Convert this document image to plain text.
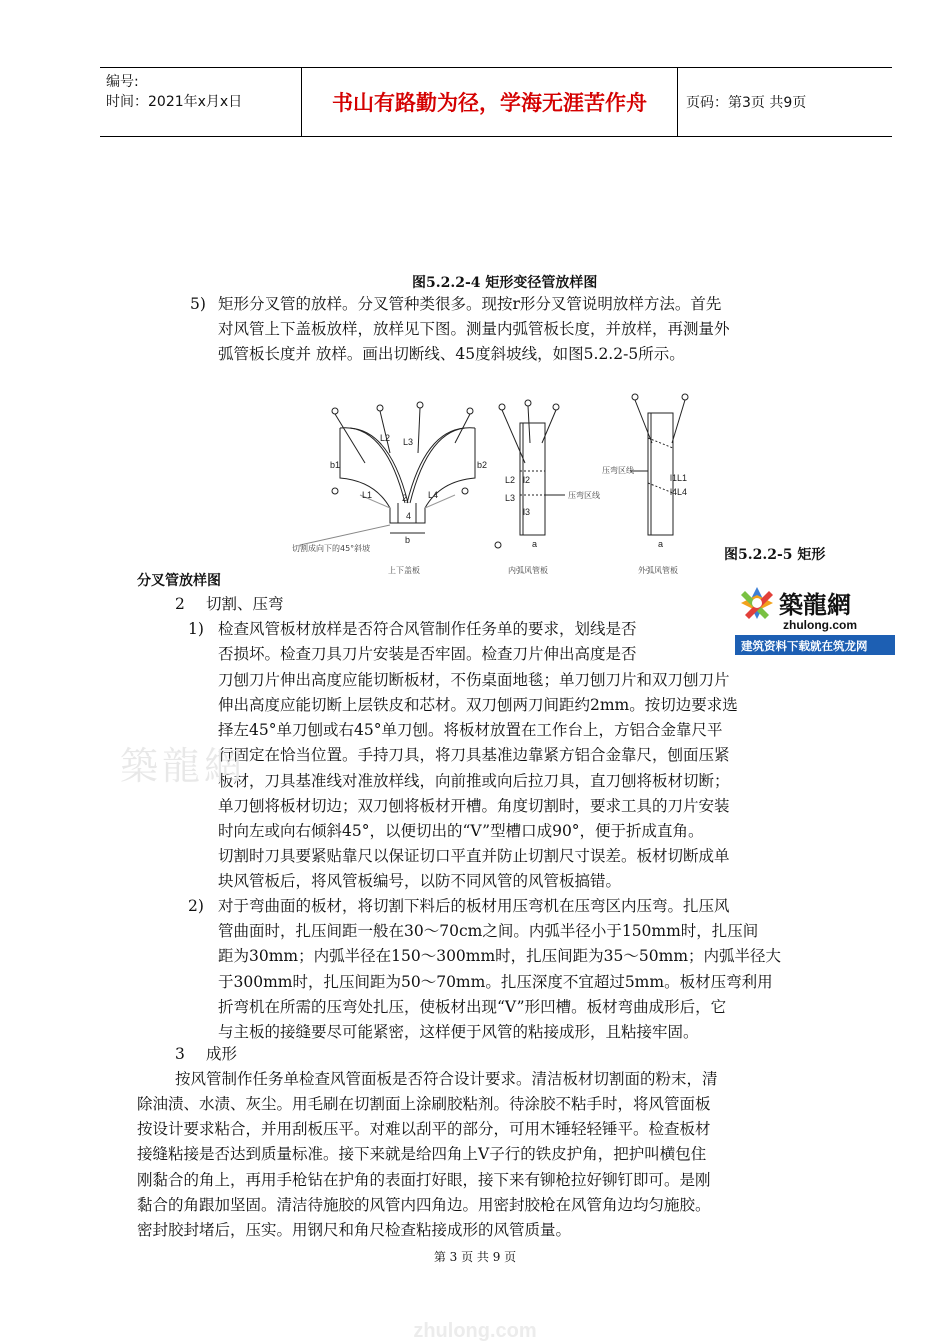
编号:
时间：2021年x月x日	书山有路勤为径，学海无涯苦作舟	页码：第3页 共9页
图5.2.2-4 矩形变径管放样图
5) 矩形分叉管的放样。分叉管种类很多。现按r形分叉管说明放样方法。首先
对风管上下盖板放样，放样见下图。测量内弧管板长度，并放样，再测量外
弧管板长度并 放样。画出切断线、45度斜坡线，如图5.2.2-5所示。
L2 L3
b1	b2
L1	L4
2
4
b
切割成向下的45°斜坡
上下盖板
L2 l2
L3
l3
压弯区线
a
内弧风管板
压弯区线
L1
l1
l4 L4
a
外弧风管板
图5.2.2-5 矩形
分叉管放样图
築龍網
zhulong.com
建筑资料下载就在筑龙网
2 切割、压弯
1) 检查风管板材放样是否符合风管制作任务单的要求，划线是否
否损坏。检查刀具刀片安装是否牢固。检查刀片伸出高度是否
刀刨刀片伸出高度应能切断板材，不伤桌面地毯；单刀刨刀片和双刀刨刀片
伸出高度应能切断上层铁皮和芯材。双刀刨两刀间距约2mm。按切边要求选
择左45°单刀刨或右45°单刀刨。将板材放置在工作台上，方铝合金靠尺平
行固定在恰当位置。手持刀具，将刀具基准边靠紧方铝合金靠尺，刨面压紧
板材，刀具基准线对准放样线，向前推或向后拉刀具，直刀刨将板材切断；
单刀刨将板材切边；双刀刨将板材开槽。角度切割时，要求工具的刀片安装
时向左或向右倾斜45°，以便切出的“V”型槽口成90°，便于折成直角。
切割时刀具要紧贴靠尺以保证切口平直并防止切割尺寸误差。板材切断成单
块风管板后，将风管板编号，以防不同风管的风管板搞错。
2) 对于弯曲面的板材，将切割下料后的板材用压弯机在压弯区内压弯。扎压风
管曲面时，扎压间距一般在30～70cm之间。内弧半径小于150mm时，扎压间
距为30mm；内弧半径在150～300mm时，扎压间距为35～50mm；内弧半径大
于300mm时，扎压间距为50～70mm。扎压深度不宜超过5mm。板材压弯利用
折弯机在所需的压弯处扎压，使板材出现“V”形凹槽。板材弯曲成形后，它
与主板的接缝要尽可能紧密，这样便于风管的粘接成形，且粘接牢固。
3 成形
按风管制作任务单检查风管面板是否符合设计要求。清洁板材切割面的粉末，清
除油渍、水渍、灰尘。用毛刷在切割面上涂刷胶粘剂。待涂胶不粘手时，将风管面板
按设计要求粘合，并用刮板压平。对难以刮平的部分，可用木锤轻轻锤平。检查板材
接缝粘接是否达到质量标准。接下来就是给四角上V子行的铁皮护角，把护叫横包住
刚黏合的角上，再用手枪钻在护角的表面打好眼，接下来有铆枪拉好铆钉即可。是刚
黏合的角跟加坚固。清洁待施胶的风管内四角边。用密封胶枪在风管角边均匀施胶。
密封胶封堵后，压实。用钢尺和角尺检查粘接成形的风管质量。
築龍網
zhulong.com
第 3 页 共 9 页
